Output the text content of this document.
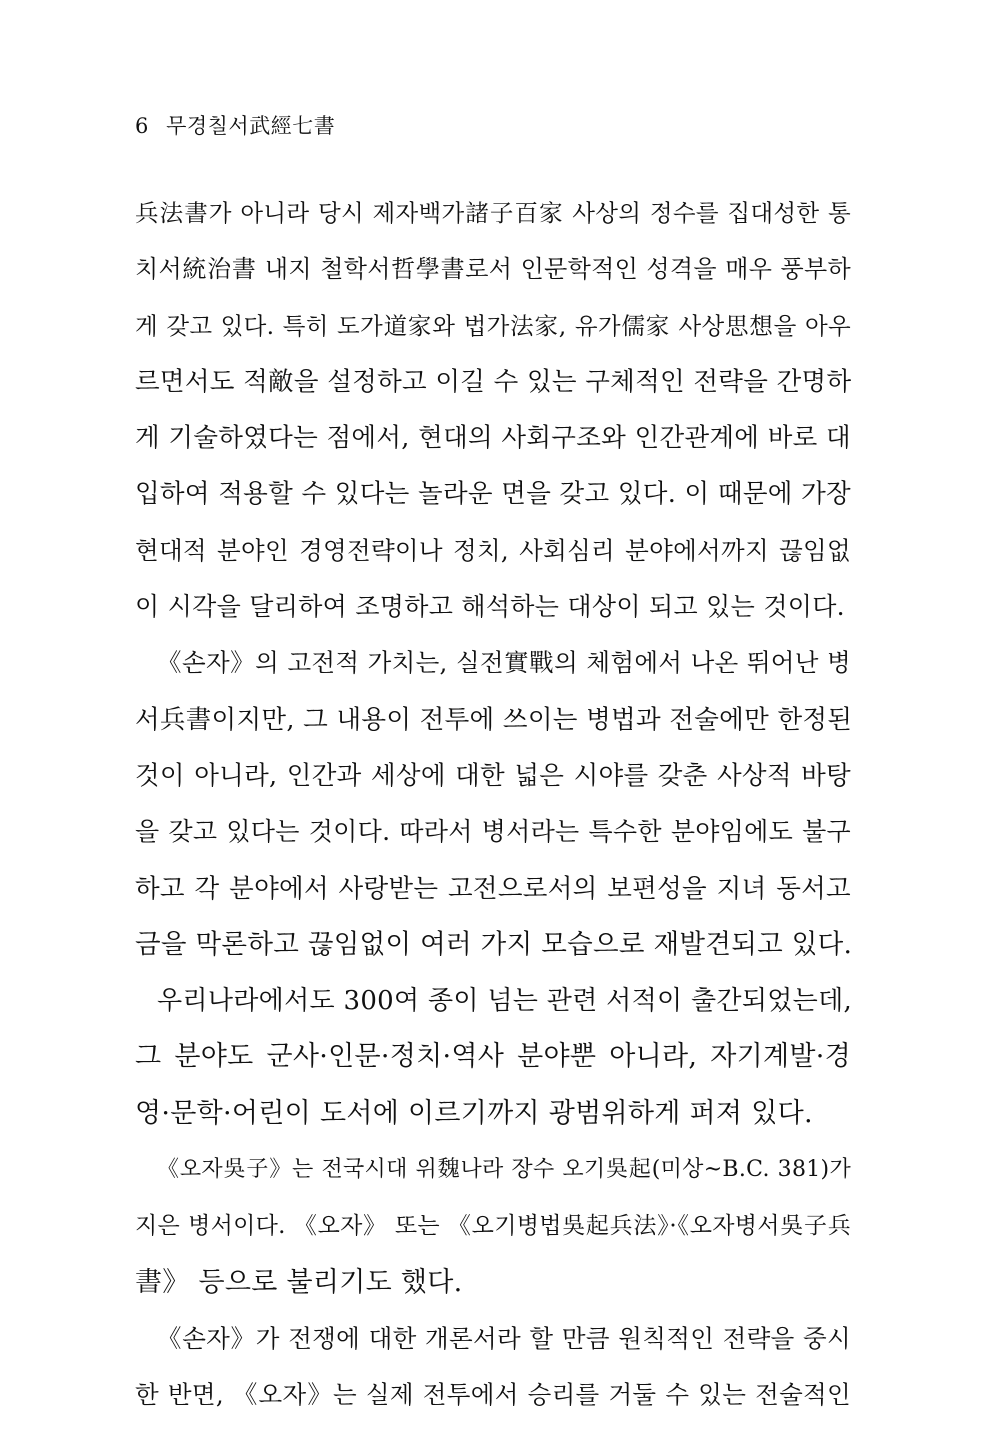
6 무경칠서武經七書
兵法書가 아니라 당시 제자백가諸子百家 사상의 정수를 집대성한 통
치서統治書 내지 철학서哲學書로서 인문학적인 성격을 매우 풍부하
게 갖고 있다. 특히 도가道家와 법가法家, 유가儒家 사상思想을 아우
르면서도 적敵을 설정하고 이길 수 있는 구체적인 전략을 간명하
게 기술하였다는 점에서, 현대의 사회구조와 인간관계에 바로 대
입하여 적용할 수 있다는 놀라운 면을 갖고 있다. 이 때문에 가장
현대적 분야인 경영전략이나 정치, 사회심리 분야에서까지 끊임없
이 시각을 달리하여 조명하고 해석하는 대상이 되고 있는 것이다.
《손자》의 고전적 가치는, 실전實戰의 체험에서 나온 뛰어난 병
서兵書이지만, 그 내용이 전투에 쓰이는 병법과 전술에만 한정된
것이 아니라, 인간과 세상에 대한 넓은 시야를 갖춘 사상적 바탕
을 갖고 있다는 것이다. 따라서 병서라는 특수한 분야임에도 불구
하고 각 분야에서 사랑받는 고전으로서의 보편성을 지녀 동서고
금을 막론하고 끊임없이 여러 가지 모습으로 재발견되고 있다.
우리나라에서도 300여 종이 넘는 관련 서적이 출간되었는데,
그 분야도 군사·인문·정치·역사 분야뿐 아니라, 자기계발·경
영·문학·어린이 도서에 이르기까지 광범위하게 퍼져 있다.
《오자吳子》는 전국시대 위魏나라 장수 오기吳起(미상~B.C. 381)가
지은 병서이다. 《오자》 또는 《오기병법吳起兵法》·《오자병서吳子兵
書》 등으로 불리기도 했다.
《손자》가 전쟁에 대한 개론서라 할 만큼 원칙적인 전략을 중시
한 반면, 《오자》는 실제 전투에서 승리를 거둘 수 있는 전술적인
